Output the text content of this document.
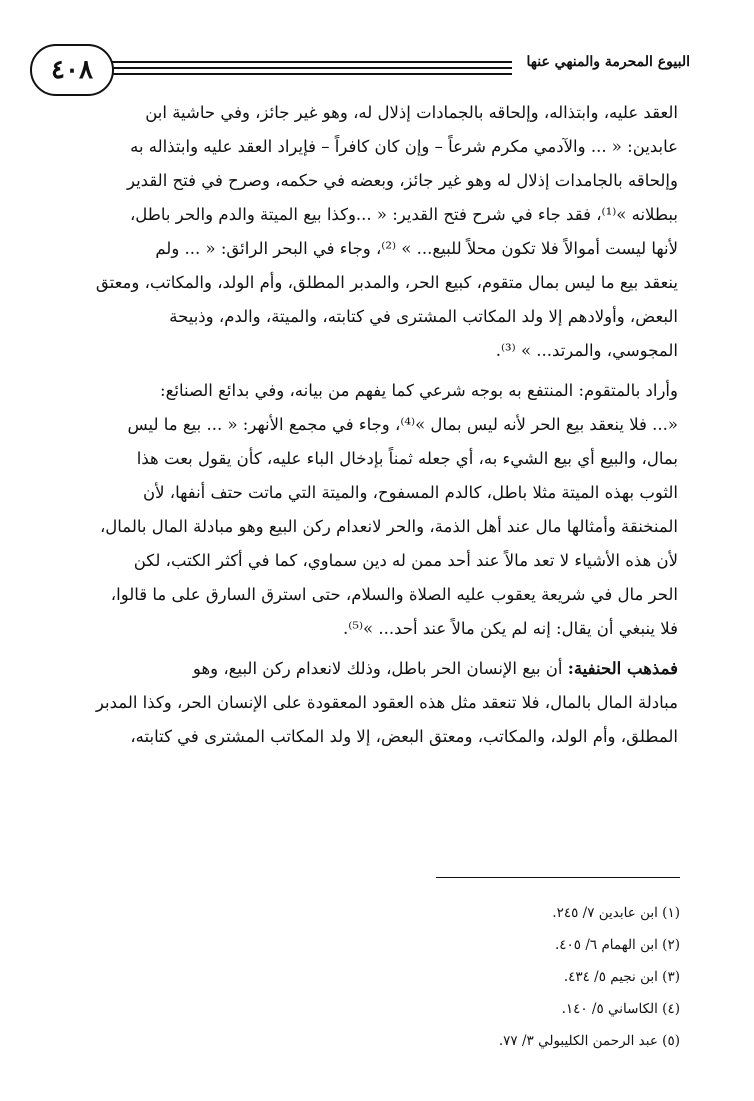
٤٠٨	البيوع المحرمة والمنهي عنها
العقد عليه، وابتذاله، وإلحاقه بالجمادات إذلال له، وهو غير جائز، وفي حاشية ابن
عابدين: « ... والآدمي مكرم شرعاً – وإن كان كافراً – فإيراد العقد عليه وابتذاله به
وإلحاقه بالجامدات إذلال له وهو غير جائز، وبعضه في حكمه، وصرح في فتح القدير
ببطلانه »⁽¹⁾، فقد جاء في شرح فتح القدير: « ...وكذا بيع الميتة والدم والحر باطل،
لأنها ليست أموالاً فلا تكون محلاً للبيع... » ⁽²⁾، وجاء في البحر الرائق: « ... ولم
ينعقد بيع ما ليس بمال متقوم، كبيع الحر، والمدبر المطلق، وأم الولد، والمكاتب، ومعتق
البعض، وأولادهم إلا ولد المكاتب المشترى في كتابته، والميتة، والدم، وذبيحة
المجوسي، والمرتد... » ⁽³⁾.
وأراد بالمتقوم: المنتفع به بوجه شرعي كما يفهم من بيانه، وفي بدائع الصنائع:
«... فلا ينعقد بيع الحر لأنه ليس بمال »⁽⁴⁾، وجاء في مجمع الأنهر: « ... بيع ما ليس
بمال، والبيع أي بيع الشيء به، أي جعله ثمناً بإدخال الباء عليه، كأن يقول بعت هذا
الثوب بهذه الميتة مثلا باطل، كالدم المسفوح، والميتة التي ماتت حتف أنفها، لأن
المنخنقة وأمثالها مال عند أهل الذمة، والحر لانعدام ركن البيع وهو مبادلة المال بالمال،
لأن هذه الأشياء لا تعد مالاً عند أحد ممن له دين سماوي، كما في أكثر الكتب، لكن
الحر مال في شريعة يعقوب عليه الصلاة والسلام، حتى استرق السارق على ما قالوا،
فلا ينبغي أن يقال: إنه لم يكن مالاً عند أحد... »⁽⁵⁾.
فمذهب الحنفية: أن بيع الإنسان الحر باطل، وذلك لانعدام ركن البيع، وهو
مبادلة المال بالمال، فلا تنعقد مثل هذه العقود المعقودة على الإنسان الحر، وكذا المدبر
المطلق، وأم الولد، والمكاتب، ومعتق البعض، إلا ولد المكاتب المشترى في كتابته،
(١) ابن عابدين ٧/ ٢٤٥.
(٢) ابن الهمام ٦/ ٤٠٥.
(٣) ابن نجيم ٥/ ٤٣٤.
(٤) الكاساني ٥/ ١٤٠.
(٥) عبد الرحمن الكليبولي ٣/ ٧٧.
